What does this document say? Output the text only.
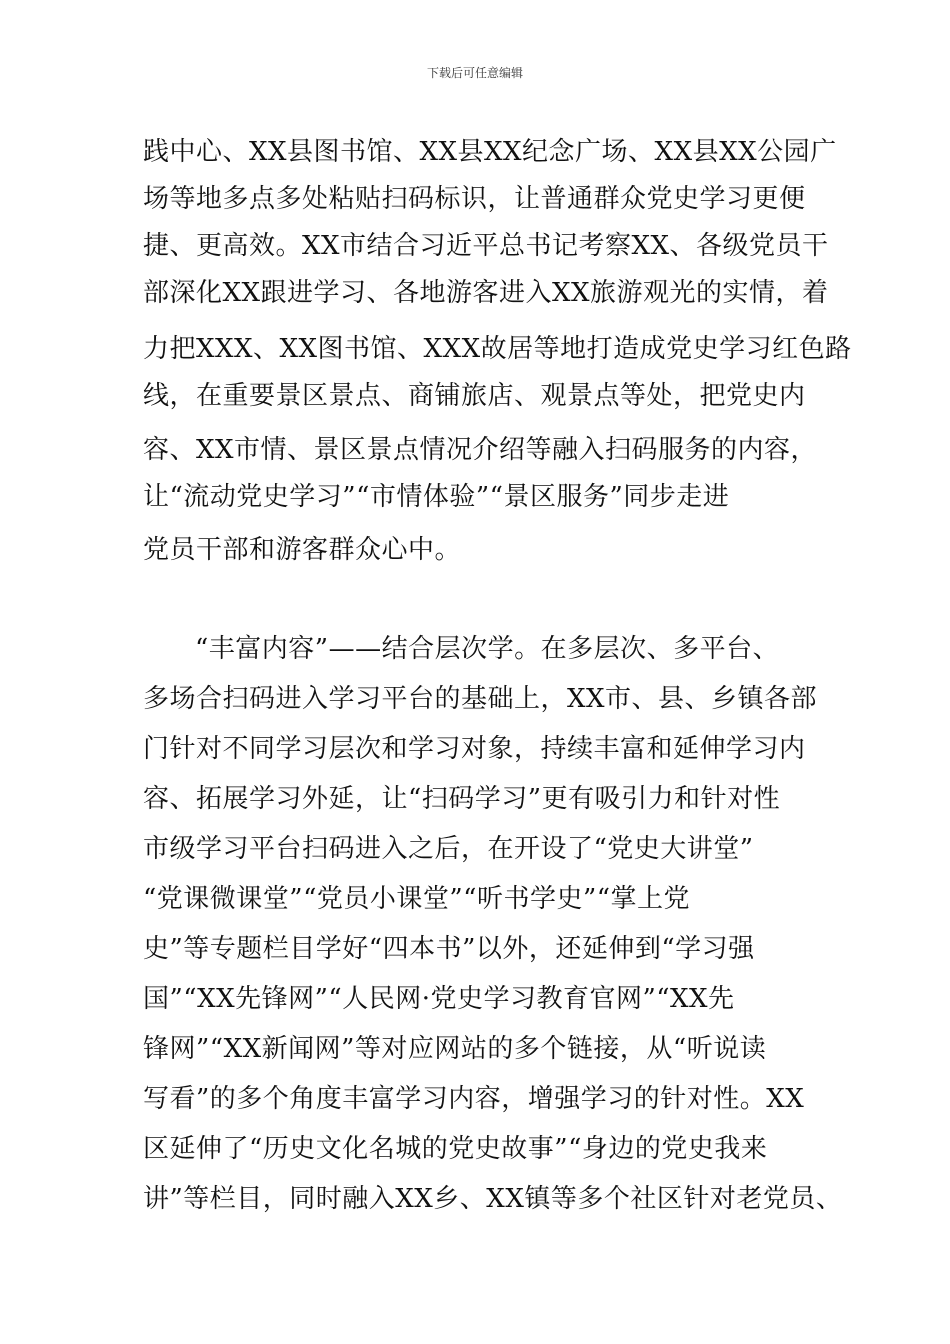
下载后可任意编辑
践中心、XX县图书馆、XX县XX纪念广场、XX县XX公园广
场等地多点多处粘贴扫码标识，让普通群众党史学习更便
捷、更高效。XX市结合习近平总书记考察XX、各级党员干
部深化XX跟进学习、各地游客进入XX旅游观光的实情，着
力把XXX、XX图书馆、XXX故居等地打造成党史学习红色路
线，在重要景区景点、商铺旅店、观景点等处，把党史内
容、XX市情、景区景点情况介绍等融入扫码服务的内容，
让“流动党史学习”“市情体验”“景区服务”同步走进
党员干部和游客群众心中。
“丰富内容”——结合层次学。在多层次、多平台、
多场合扫码进入学习平台的基础上，XX市、县、乡镇各部
门针对不同学习层次和学习对象，持续丰富和延伸学习内
容、拓展学习外延，让“扫码学习”更有吸引力和针对性
市级学习平台扫码进入之后，在开设了“党史大讲堂”
“党课微课堂”“党员小课堂”“听书学史”“掌上党
史”等专题栏目学好“四本书”以外，还延伸到“学习强
国”“XX先锋网”“人民网·党史学习教育官网”“XX先
锋网”“XX新闻网”等对应网站的多个链接，从“听说读
写看”的多个角度丰富学习内容，增强学习的针对性。XX
区延伸了“历史文化名城的党史故事”“身边的党史我来
讲”等栏目，同时融入XX乡、XX镇等多个社区针对老党员、
